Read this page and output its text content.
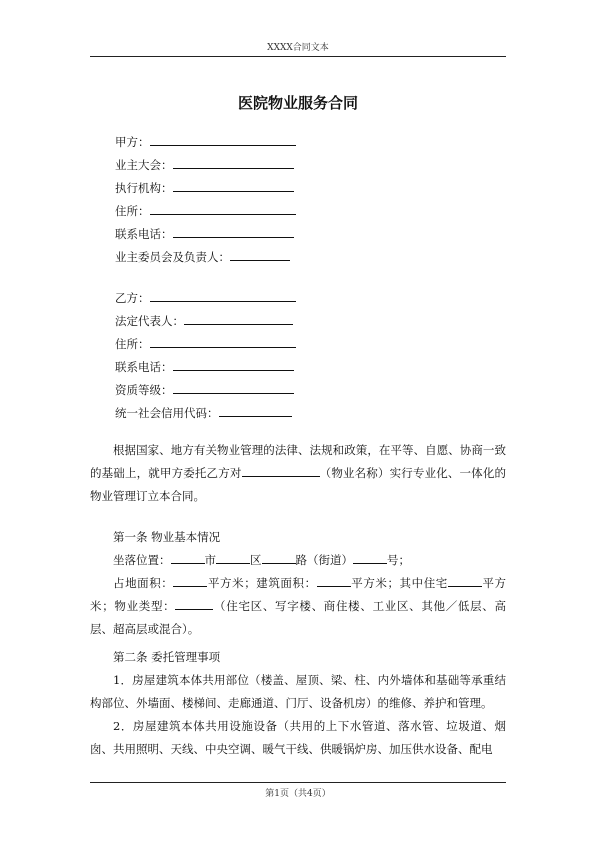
XXXX合同文本
医院物业服务合同
甲方：
业主大会：
执行机构：
住所：
联系电话：
业主委员会及负责人：
乙方：
法定代表人：
住所：
联系电话：
资质等级：
统一社会信用代码：

根据国家、地方有关物业管理的法律、法规和政策，在平等、自愿、协商一致的基础上，就甲方委托乙方对	（物业名称）实行专业化、一体化的物业管理订立本合同。

第一条 物业基本情况

坐落位置：	市	区	路（街道）	号；

占地面积：	平方米；建筑面积：	平方米；其中住宅	平方米；物业类型：	（住宅区、写字楼、商住楼、工业区、其他／低层、高层、超高层或混合）。

第二条 委托管理事项

1．房屋建筑本体共用部位（楼盖、屋顶、梁、柱、内外墙体和基础等承重结构部位、外墙面、楼梯间、走廊通道、门厅、设备机房）的维修、养护和管理。

2．房屋建筑本体共用设施设备（共用的上下水管道、落水管、垃圾道、烟囱、共用照明、天线、中央空调、暖气干线、供暖锅炉房、加压供水设备、配电

第1页（共4页）
